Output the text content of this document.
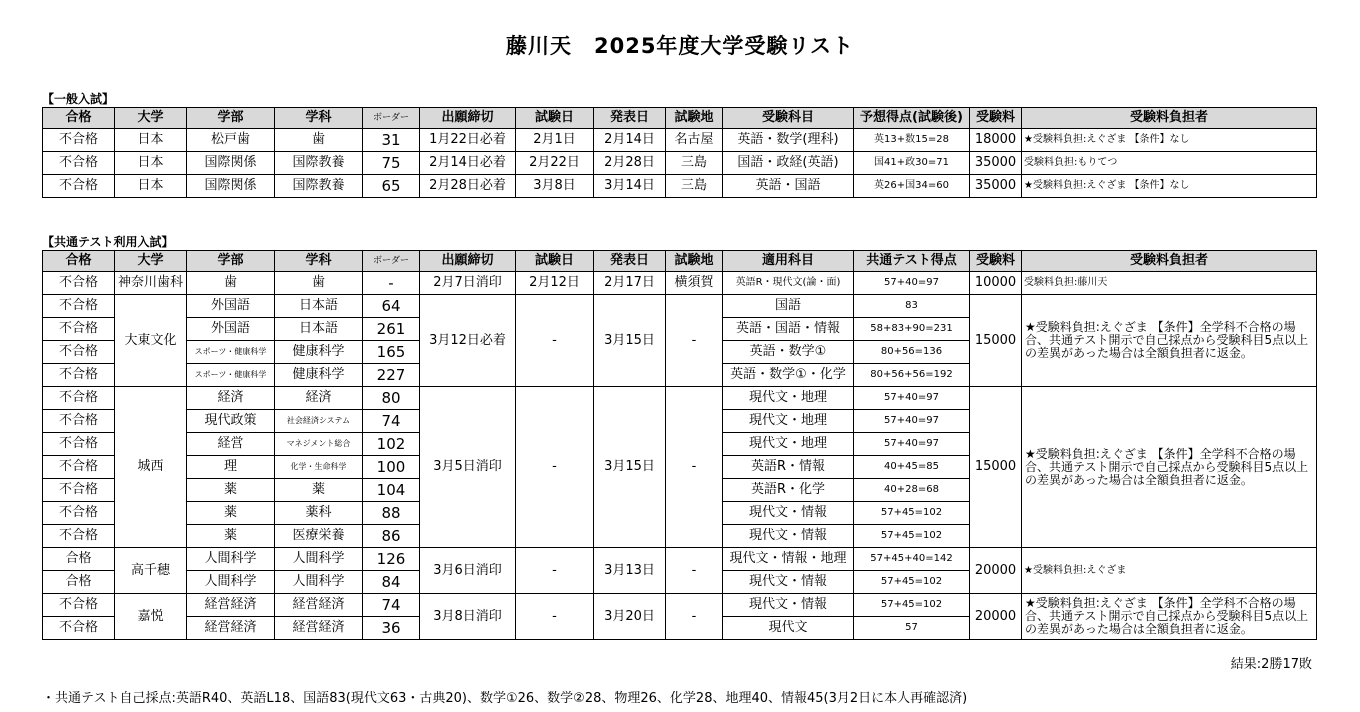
藤川天　2025年度大学受験リスト
【一般入試】
合格	大学	学部	学科	ボーダー	出願締切	試験日	発表日	試験地	受験科目	予想得点(試験後)	受験料	受験料負担者
不合格	日本	松戸歯	歯	31	1月22日必着	2月1日	2月14日	名古屋	英語・数学(理科)	英13+数15=28	18000	★受験料負担:えぐざま 【条件】なし
不合格	日本	国際関係	国際教養	75	2月14日必着	2月22日	2月28日	三島	国語・政経(英語)	国41+政30=71	35000	受験料負担:もりてつ
不合格	日本	国際関係	国際教養	65	2月28日必着	3月8日	3月14日	三島	英語・国語	英26+国34=60	35000	★受験料負担:えぐざま 【条件】なし
【共通テスト利用入試】
合格	大学	学部	学科	ボーダー	出願締切	試験日	発表日	試験地	適用科目	共通テスト得点	受験料	受験料負担者
不合格	神奈川歯科	歯	歯	-	2月7日消印	2月12日	2月17日	横須賀	英語R・現代文(論・面)	57+40=97	10000	受験料負担:藤川天
不合格	大東文化	外国語	日本語	64	3月12日必着	-	3月15日	-	国語	83	15000	★受験料負担:えぐざま 【条件】全学科不合格の場合、共通テスト開示で自己採点から受験科目5点以上の差異があった場合は全額負担者に返金。
不合格		外国語	日本語	261					英語・国語・情報	58+83+90=231		
不合格		スポーツ・健康科学	健康科学	165					英語・数学①	80+56=136		
不合格		スポーツ・健康科学	健康科学	227					英語・数学①・化学	80+56+56=192		
不合格	城西	経済	経済	80	3月5日消印	-	3月15日	-	現代文・地理	57+40=97	15000	★受験料負担:えぐざま 【条件】全学科不合格の場合、共通テスト開示で自己採点から受験科目5点以上の差異があった場合は全額負担者に返金。
不合格		現代政策	社会経済システム	74					現代文・地理	57+40=97		
不合格		経営	マネジメント総合	102					現代文・地理	57+40=97		
不合格		理	化学・生命科学	100					英語R・情報	40+45=85		
不合格		薬	薬	104					英語R・化学	40+28=68		
不合格		薬	薬科	88					現代文・情報	57+45=102		
不合格		薬	医療栄養	86					現代文・情報	57+45=102		
合格	高千穂	人間科学	人間科学	126	3月6日消印	-	3月13日	-	現代文・情報・地理	57+45+40=142	20000	★受験料負担:えぐざま
合格		人間科学	人間科学	84					現代文・情報	57+45=102		
不合格	嘉悦	経営経済	経営経済	74	3月8日消印	-	3月20日	-	現代文・情報	57+45=102	20000	★受験料負担:えぐざま 【条件】全学科不合格の場合、共通テスト開示で自己採点から受験科目5点以上の差異があった場合は全額負担者に返金。
不合格		経営経済	経営経済	36					現代文	57		
結果:2勝17敗
・共通テスト自己採点:英語R40、英語L18、国語83(現代文63・古典20)、数学①26、数学②28、物理26、化学28、地理40、情報45(3月2日に本人再確認済)
